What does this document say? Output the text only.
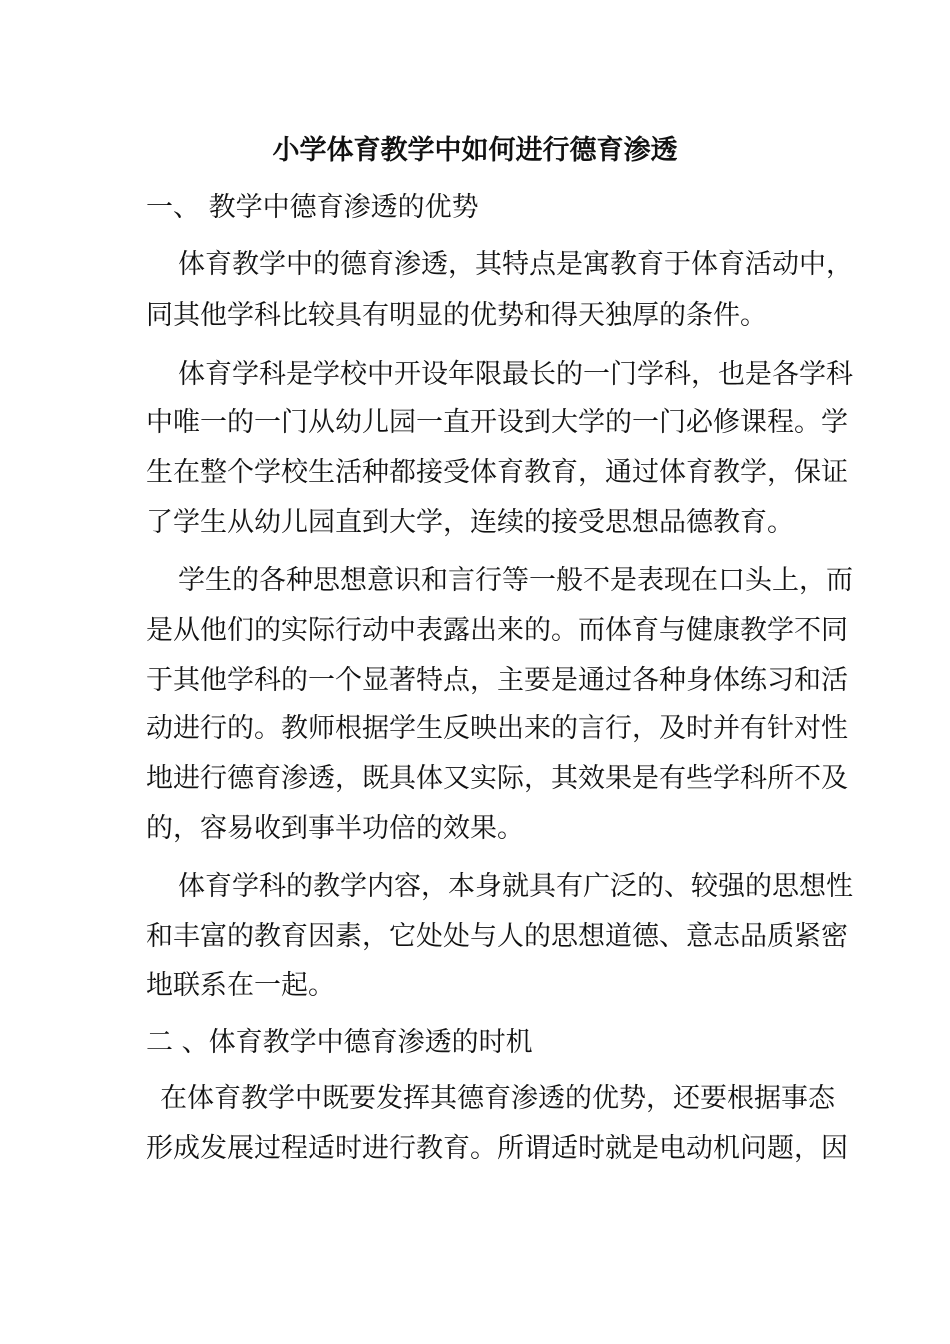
小学体育教学中如何进行德育渗透
一、 教学中德育渗透的优势
体育教学中的德育渗透，其特点是寓教育于体育活动中，
同其他学科比较具有明显的优势和得天独厚的条件。
体育学科是学校中开设年限最长的一门学科，也是各学科
中唯一的一门从幼儿园一直开设到大学的一门必修课程。学
生在整个学校生活种都接受体育教育，通过体育教学，保证
了学生从幼儿园直到大学，连续的接受思想品德教育。
学生的各种思想意识和言行等一般不是表现在口头上，而
是从他们的实际行动中表露出来的。而体育与健康教学不同
于其他学科的一个显著特点，主要是通过各种身体练习和活
动进行的。教师根据学生反映出来的言行，及时并有针对性
地进行德育渗透，既具体又实际，其效果是有些学科所不及
的，容易收到事半功倍的效果。
体育学科的教学内容，本身就具有广泛的、较强的思想性
和丰富的教育因素，它处处与人的思想道德、意志品质紧密
地联系在一起。
二 、体育教学中德育渗透的时机
在体育教学中既要发挥其德育渗透的优势，还要根据事态
形成发展过程适时进行教育。所谓适时就是电动机问题，因
